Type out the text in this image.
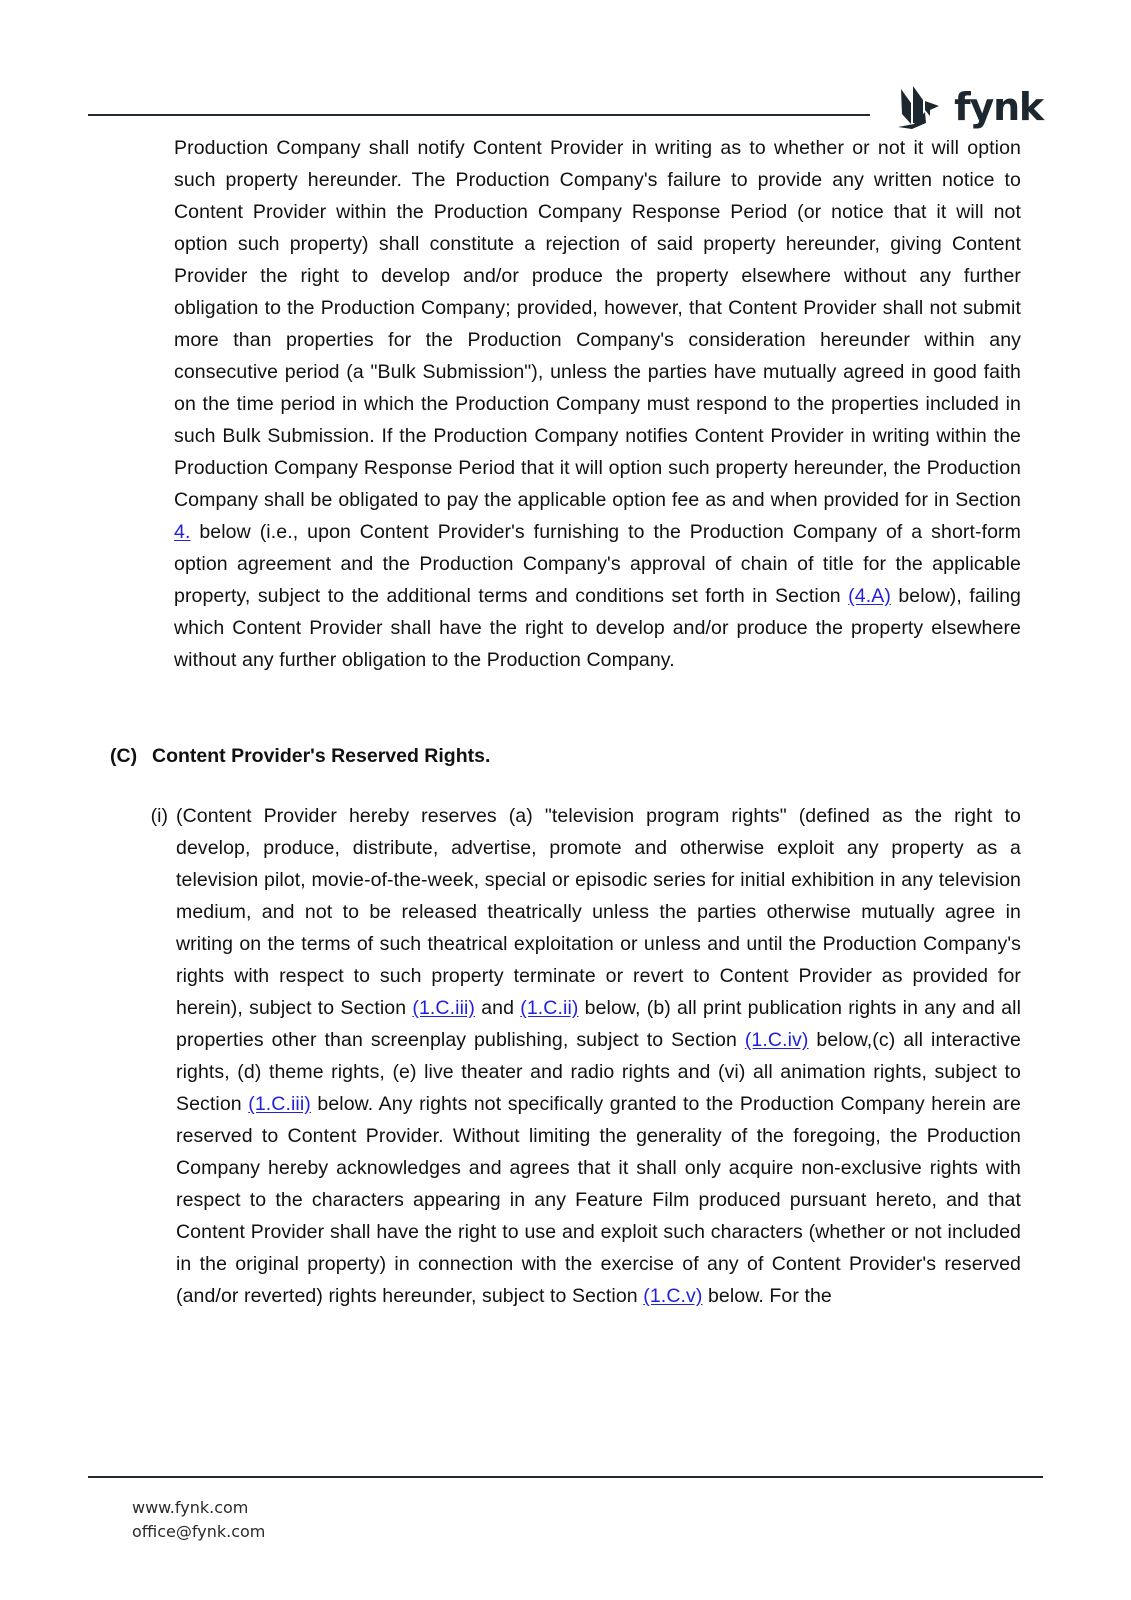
fynk

Production Company shall notify Content Provider in writing as to whether or not it will option such property hereunder. The Production Company's failure to provide any written notice to Content Provider within the Production Company Response Period (or notice that it will not option such property) shall constitute a rejection of said property hereunder, giving Content Provider the right to develop and/or produce the property elsewhere without any further obligation to the Production Company; provided, however, that Content Provider shall not submit more than properties for the Production Company's consideration hereunder within any consecutive period (a "Bulk Submission"), unless the parties have mutually agreed in good faith on the time period in which the Production Company must respond to the properties included in such Bulk Submission. If the Production Company notifies Content Provider in writing within the Production Company Response Period that it will option such property hereunder, the Production Company shall be obligated to pay the applicable option fee as and when provided for in Section 4. below (i.e., upon Content Provider's furnishing to the Production Company of a short-form option agreement and the Production Company's approval of chain of title for the applicable property, subject to the additional terms and conditions set forth in Section (4.A) below), failing which Content Provider shall have the right to develop and/or produce the property elsewhere without any further obligation to the Production Company.

(C) Content Provider's Reserved Rights.

(i) (Content Provider hereby reserves (a) "television program rights" (defined as the right to develop, produce, distribute, advertise, promote and otherwise exploit any property as a television pilot, movie-of-the-week, special or episodic series for initial exhibition in any television medium, and not to be released theatrically unless the parties otherwise mutually agree in writing on the terms of such theatrical exploitation or unless and until the Production Company's rights with respect to such property terminate or revert to Content Provider as provided for herein), subject to Section (1.C.iii) and (1.C.ii) below, (b) all print publication rights in any and all properties other than screenplay publishing, subject to Section (1.C.iv) below,(c) all interactive rights, (d) theme rights, (e) live theater and radio rights and (vi) all animation rights, subject to Section (1.C.iii) below. Any rights not specifically granted to the Production Company herein are reserved to Content Provider. Without limiting the generality of the foregoing, the Production Company hereby acknowledges and agrees that it shall only acquire non-exclusive rights with respect to the characters appearing in any Feature Film produced pursuant hereto, and that Content Provider shall have the right to use and exploit such characters (whether or not included in the original property) in connection with the exercise of any of Content Provider's reserved (and/or reverted) rights hereunder, subject to Section (1.C.v) below. For the

www.fynk.com
office@fynk.com
